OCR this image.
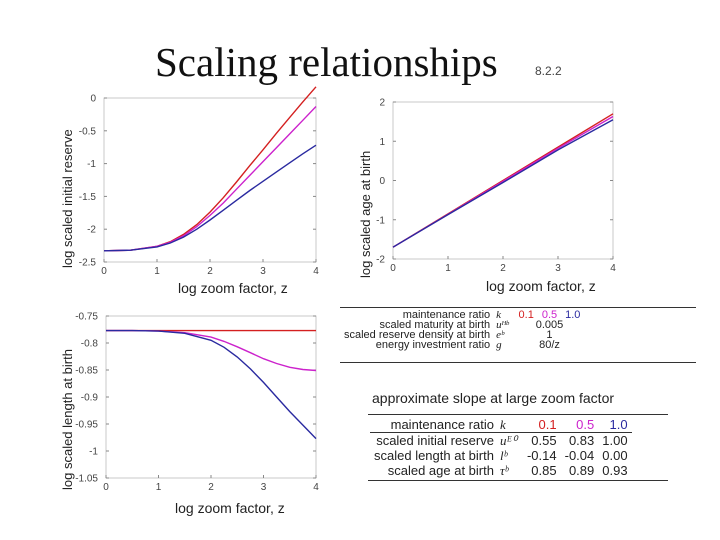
Scaling relationships	8.2.2
0	1	2	3	4
0
-0.5
-1
-1.5
-2
-2.5
log scaled initial reserve
log zoom factor, z
0	1	2	3	4
2
1
0
-1
-2
log scaled age at birth
log zoom factor, z
0	1	2	3	4
-0.75
-0.8
-0.85
-0.9
-0.95
-1
-1.05
log scaled length at birth
log zoom factor, z
maintenance ratio	k	0.1	0.5	1.0
scaled maturity at birth	uᴴᵇ	0.005		
scaled reserve density at birth	eᵇ	1		
energy investment ratio	g	80/z		
approximate slope at large zoom factor
maintenance ratio	k	0.1	0.5	1.0
scaled initial reserve	uᴱ⁰	0.55	0.83	1.00
scaled length at birth	lᵇ	-0.14	-0.04	0.00
scaled age at birth	τᵇ	0.85	0.89	0.93
